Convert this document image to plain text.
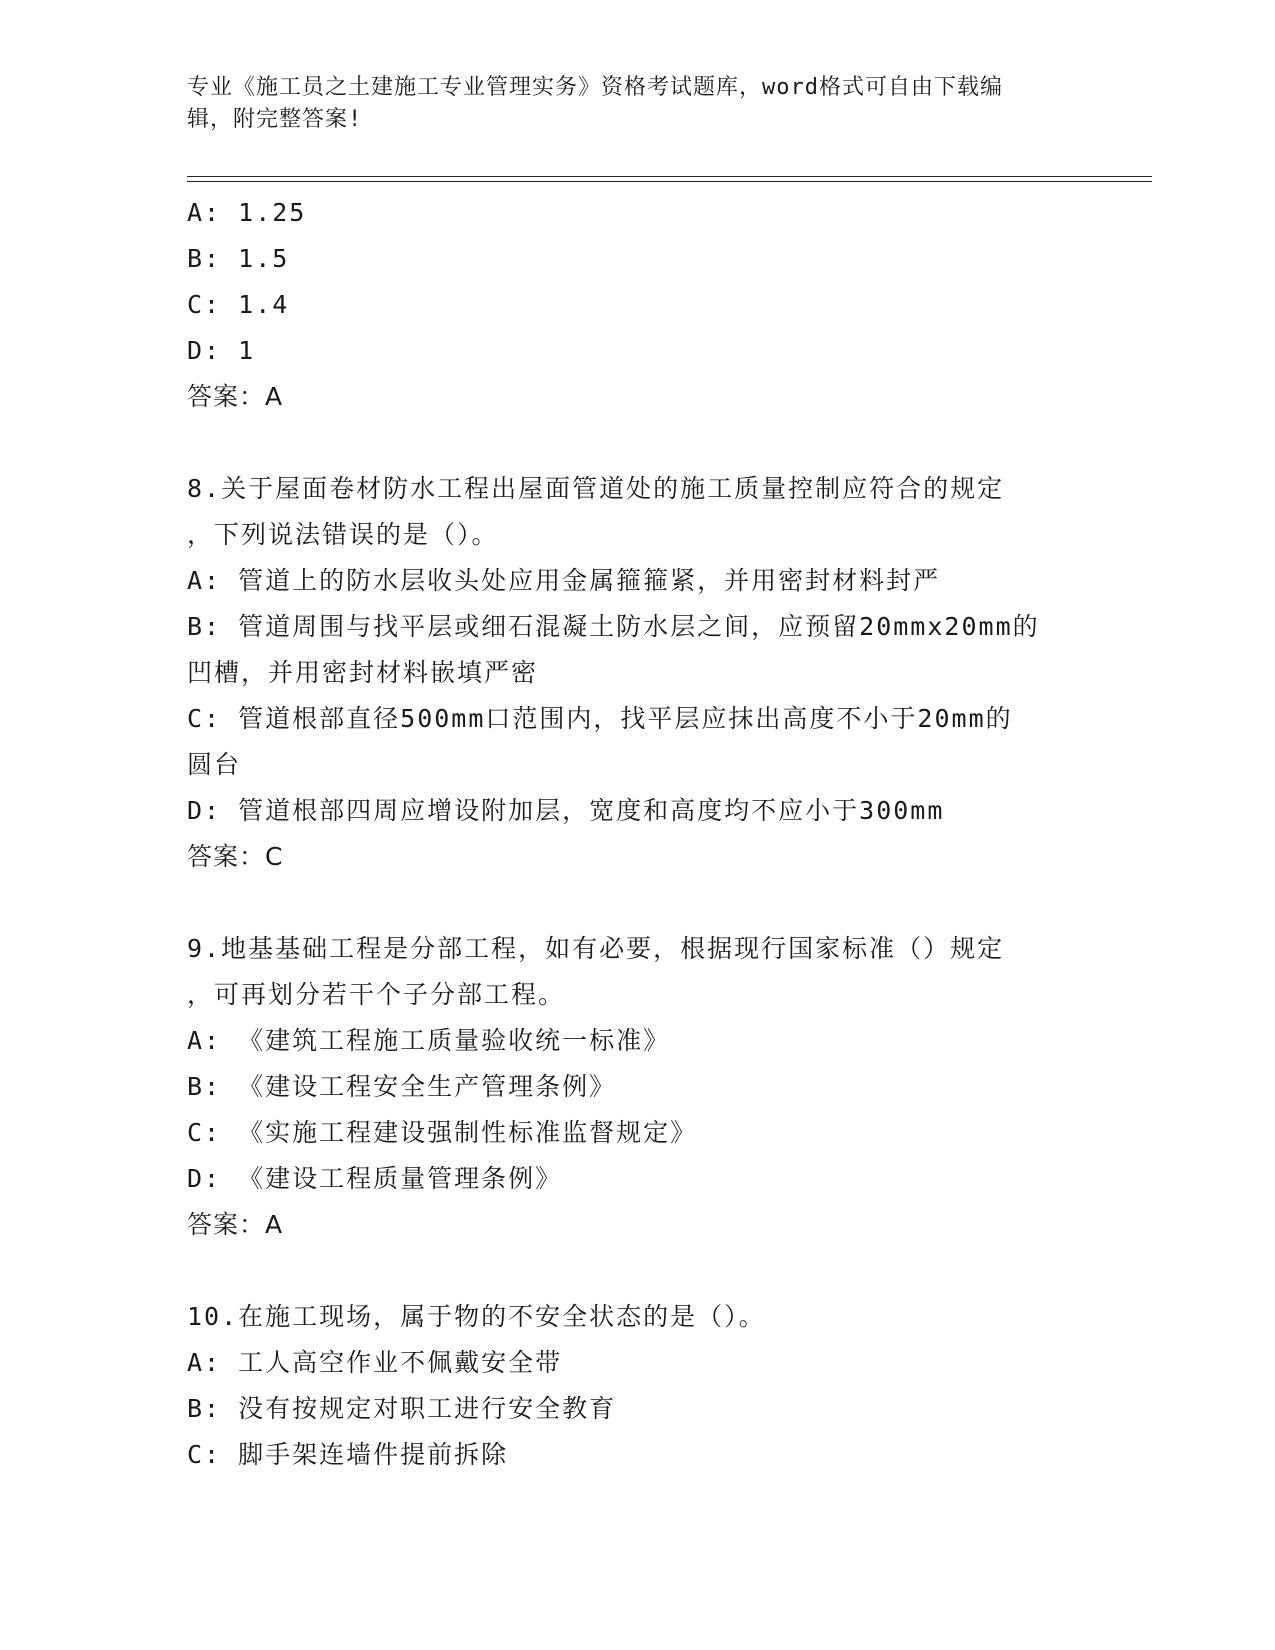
专业《施工员之土建施工专业管理实务》资格考试题库，word格式可自由下载编
辑，附完整答案!
A: 1.25
B: 1.5
C: 1.4
D: 1
答案：A
8.关于屋面卷材防水工程出屋面管道处的施工质量控制应符合的规定
，下列说法错误的是（）。
A: 管道上的防水层收头处应用金属箍箍紧，并用密封材料封严
B: 管道周围与找平层或细石混凝土防水层之间，应预留20mmx20mm的
凹槽，并用密封材料嵌填严密
C: 管道根部直径500mm口范围内，找平层应抹出高度不小于20mm的
圆台
D: 管道根部四周应增设附加层，宽度和高度均不应小于300mm
答案：C
9.地基基础工程是分部工程，如有必要，根据现行国家标准（）规定
，可再划分若干个子分部工程。
A: 《建筑工程施工质量验收统一标准》
B: 《建设工程安全生产管理条例》
C: 《实施工程建设强制性标准监督规定》
D: 《建设工程质量管理条例》
答案：A
10.在施工现场，属于物的不安全状态的是（）。
A: 工人高空作业不佩戴安全带
B: 没有按规定对职工进行安全教育
C: 脚手架连墙件提前拆除
